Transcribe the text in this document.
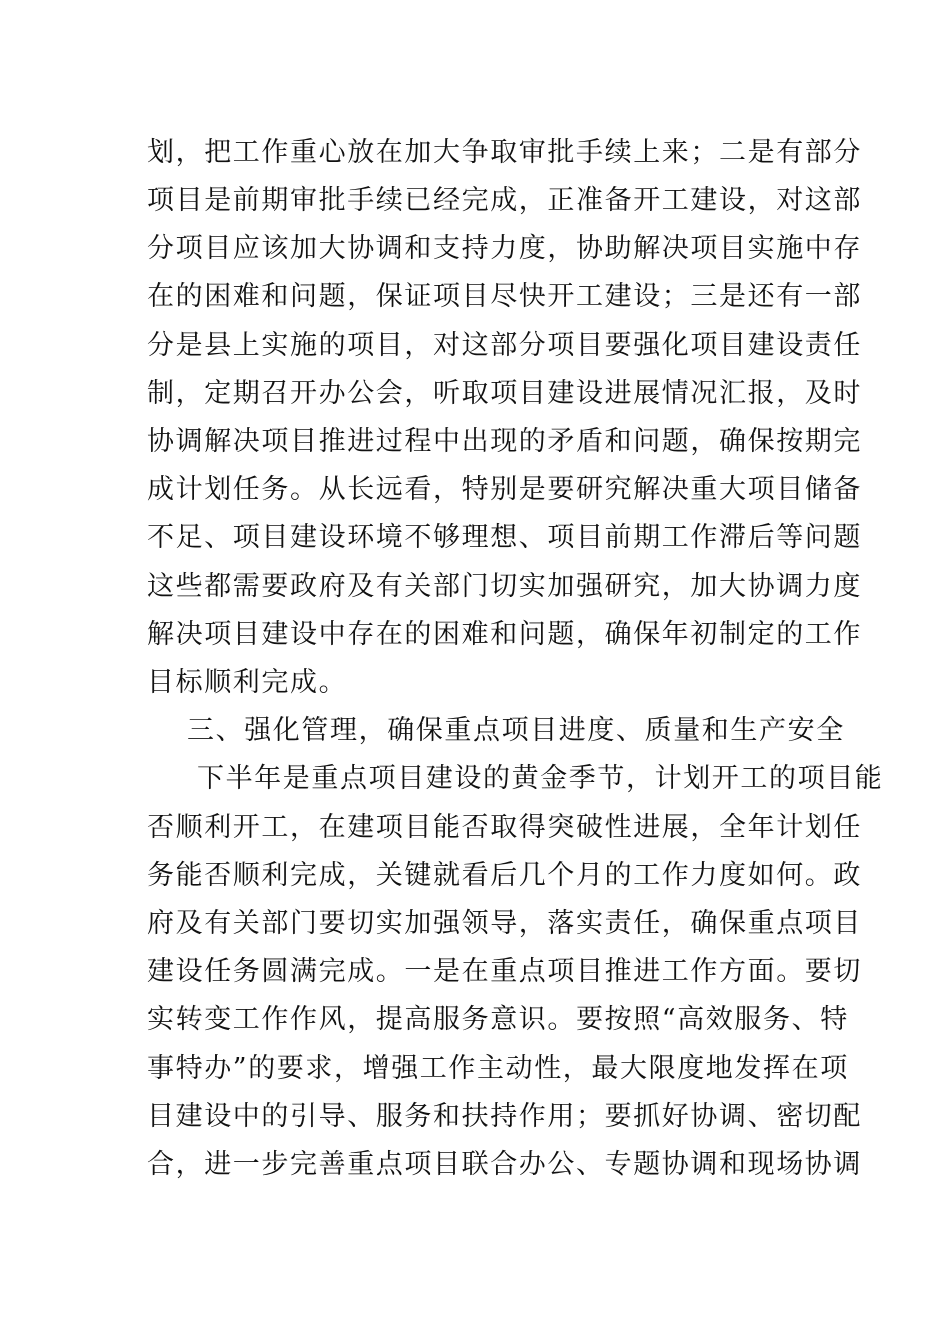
划，把工作重心放在加大争取审批手续上来；二是有部分
项目是前期审批手续已经完成，正准备开工建设，对这部
分项目应该加大协调和支持力度，协助解决项目实施中存
在的困难和问题，保证项目尽快开工建设；三是还有一部
分是县上实施的项目，对这部分项目要强化项目建设责任
制，定期召开办公会，听取项目建设进展情况汇报，及时
协调解决项目推进过程中出现的矛盾和问题，确保按期完
成计划任务。从长远看，特别是要研究解决重大项目储备
不足、项目建设环境不够理想、项目前期工作滞后等问题
这些都需要政府及有关部门切实加强研究，加大协调力度
解决项目建设中存在的困难和问题，确保年初制定的工作
目标顺利完成。
三、强化管理，确保重点项目进度、质量和生产安全
下半年是重点项目建设的黄金季节，计划开工的项目能
否顺利开工，在建项目能否取得突破性进展，全年计划任
务能否顺利完成，关键就看后几个月的工作力度如何。政
府及有关部门要切实加强领导，落实责任，确保重点项目
建设任务圆满完成。一是在重点项目推进工作方面。要切
实转变工作作风，提高服务意识。要按照“高效服务、特
事特办”的要求，增强工作主动性，最大限度地发挥在项
目建设中的引导、服务和扶持作用；要抓好协调、密切配
合，进一步完善重点项目联合办公、专题协调和现场协调
